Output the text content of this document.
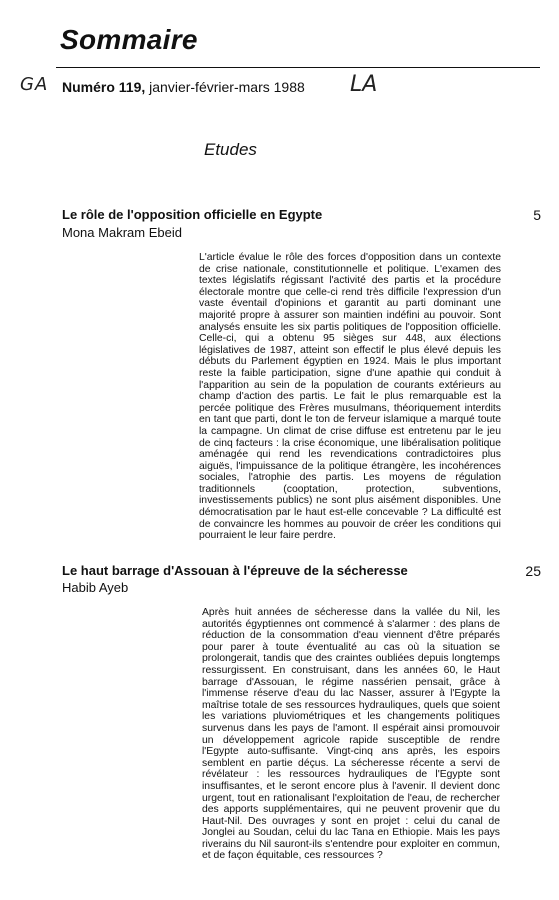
Sommaire
GA Numéro 119, janvier-février-mars 1988 LA
Etudes
Le rôle de l'opposition officielle en Egypte	5
Mona Makram Ebeid
L'article évalue le rôle des forces d'opposition dans un contexte de crise nationale, constitutionnelle et politique. L'examen des textes législatifs régissant l'activité des partis et la procédure électorale montre que celle-ci rend très difficile l'expression d'un vaste éventail d'opinions et garantit au parti dominant une majorité propre à assurer son maintien indéfini au pouvoir. Sont analysés ensuite les six partis politiques de l'opposition officielle. Celle-ci, qui a obtenu 95 sièges sur 448, aux élections législatives de 1987, atteint son effectif le plus élevé depuis les débuts du Parlement égyptien en 1924. Mais le plus important reste la faible participation, signe d'une apathie qui conduit à l'apparition au sein de la population de courants extérieurs au champ d'action des partis. Le fait le plus remarquable est la percée politique des Frères musulmans, théoriquement interdits en tant que parti, dont le ton de ferveur islamique a marqué toute la campagne. Un climat de crise diffuse est entretenu par le jeu de cinq facteurs : la crise économique, une libéralisation politique aménagée qui rend les revendications contradictoires plus aiguës, l'impuissance de la politique étrangère, les incohérences sociales, l'atrophie des partis. Les moyens de régulation traditionnels (cooptation, protection, subventions, investissements publics) ne sont plus aisément disponibles. Une démocratisation par le haut est-elle concevable ? La difficulté est de convaincre les hommes au pouvoir de créer les conditions qui pourraient le leur faire perdre.
Le haut barrage d'Assouan à l'épreuve de la sécheresse	25
Habib Ayeb
Après huit années de sécheresse dans la vallée du Nil, les autorités égyptiennes ont commencé à s'alarmer : des plans de réduction de la consommation d'eau viennent d'être préparés pour parer à toute éventualité au cas où la situation se prolongerait, tandis que des craintes oubliées depuis longtemps ressurgissent. En construisant, dans les années 60, le Haut barrage d'Assouan, le régime nassérien pensait, grâce à l'immense réserve d'eau du lac Nasser, assurer à l'Egypte la maîtrise totale de ses ressources hydrauliques, quels que soient les variations pluviométriques et les changements politiques survenus dans les pays de l'amont. Il espérait ainsi promouvoir un développement agricole rapide susceptible de rendre l'Egypte auto-suffisante. Vingt-cinq ans après, les espoirs semblent en partie déçus. La sécheresse récente a servi de révélateur : les ressources hydrauliques de l'Egypte sont insuffisantes, et le seront encore plus à l'avenir. Il devient donc urgent, tout en rationalisant l'exploitation de l'eau, de rechercher des apports supplémentaires, qui ne peuvent provenir que du Haut-Nil. Des ouvrages y sont en projet : celui du canal de Jonglei au Soudan, celui du lac Tana en Ethiopie. Mais les pays riverains du Nil sauront-ils s'entendre pour exploiter en commun, et de façon équitable, ces ressources ?
